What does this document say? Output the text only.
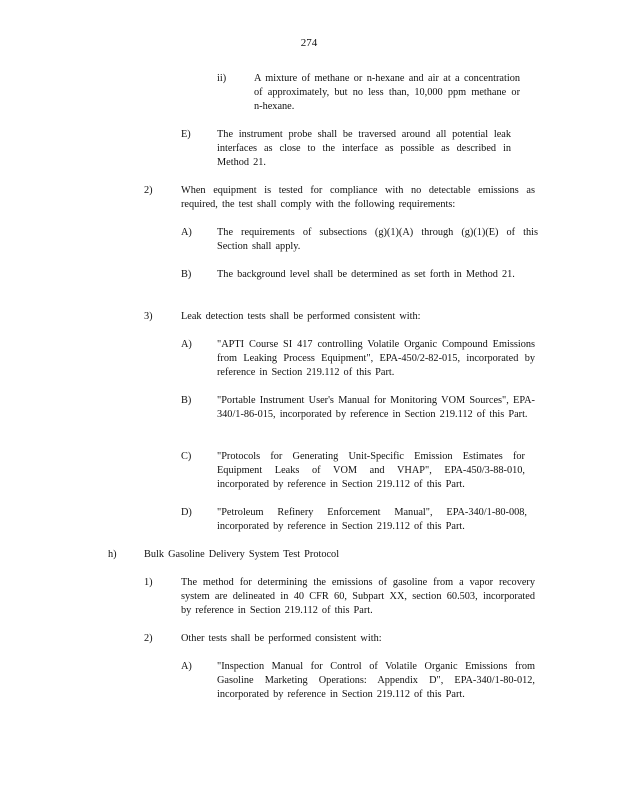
274
ii)	A mixture of methane or n-hexane and air at a concentration of approximately, but no less than, 10,000 ppm methane or n-hexane.
E)	The instrument probe shall be traversed around all potential leak interfaces as close to the interface as possible as described in Method 21.
2)	When equipment is tested for compliance with no detectable emissions as required, the test shall comply with the following requirements:
A) The requirements of subsections (g)(1)(A) through (g)(1)(E) of this Section shall apply.
B) The background level shall be determined as set forth in Method 21.
3)	Leak detection tests shall be performed consistent with:
A) "APTI Course SI 417 controlling Volatile Organic Compound Emissions from Leaking Process Equipment", EPA-450/2-82-015, incorporated by reference in Section 219.112 of this Part.
B) "Portable Instrument User's Manual for Monitoring VOM Sources", EPA-340/1-86-015, incorporated by reference in Section 219.112 of this Part.
C) "Protocols for Generating Unit-Specific Emission Estimates for Equipment Leaks of VOM and VHAP", EPA-450/3-88-010, incorporated by reference in Section 219.112 of this Part.
D) "Petroleum Refinery Enforcement Manual", EPA-340/1-80-008, incorporated by reference in Section 219.112 of this Part.
h)	Bulk Gasoline Delivery System Test Protocol
1)	The method for determining the emissions of gasoline from a vapor recovery system are delineated in 40 CFR 60, Subpart XX, section 60.503, incorporated by reference in Section 219.112 of this Part.
2)	Other tests shall be performed consistent with:
A) "Inspection Manual for Control of Volatile Organic Emissions from Gasoline Marketing Operations: Appendix D", EPA-340/1-80-012, incorporated by reference in Section 219.112 of this Part.
